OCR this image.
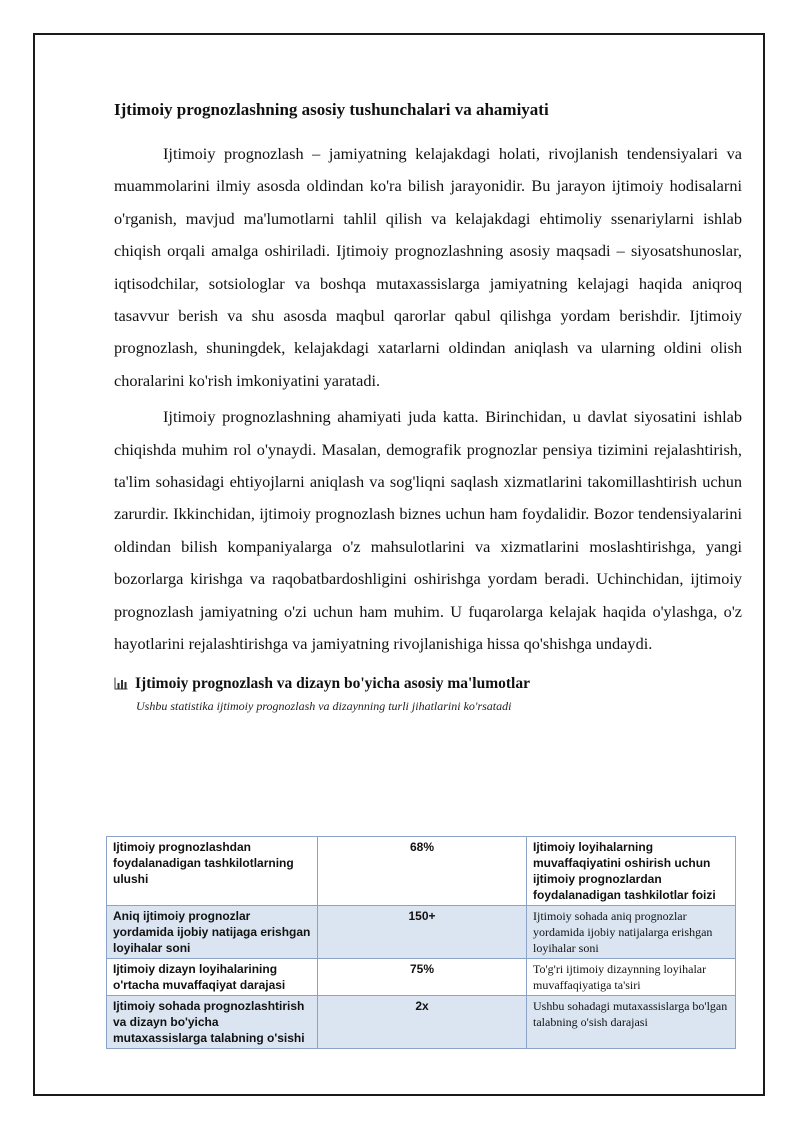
Ijtimoiy prognozlashning asosiy tushunchalari va ahamiyati

Ijtimoiy prognozlash – jamiyatning kelajakdagi holati, rivojlanish tendensiyalari va muammolarini ilmiy asosda oldindan ko'ra bilish jarayonidir. Bu jarayon ijtimoiy hodisalarni o'rganish, mavjud ma'lumotlarni tahlil qilish va kelajakdagi ehtimoliy ssenariylarni ishlab chiqish orqali amalga oshiriladi. Ijtimoiy prognozlashning asosiy maqsadi – siyosatshunoslar, iqtisodchilar, sotsiologlar va boshqa mutaxassislarga jamiyatning kelajagi haqida aniqroq tasavvur berish va shu asosda maqbul qarorlar qabul qilishga yordam berishdir. Ijtimoiy prognozlash, shuningdek, kelajakdagi xatarlarni oldindan aniqlash va ularning oldini olish choralarini ko'rish imkoniyatini yaratadi.

Ijtimoiy prognozlashning ahamiyati juda katta. Birinchidan, u davlat siyosatini ishlab chiqishda muhim rol o'ynaydi. Masalan, demografik prognozlar pensiya tizimini rejalashtirish, ta'lim sohasidagi ehtiyojlarni aniqlash va sog'liqni saqlash xizmatlarini takomillashtirish uchun zarurdir. Ikkinchidan, ijtimoiy prognozlash biznes uchun ham foydalidir. Bozor tendensiyalarini oldindan bilish kompaniyalarga o'z mahsulotlarini va xizmatlarini moslashtirishga, yangi bozorlarga kirishga va raqobatbardoshligini oshirishga yordam beradi. Uchinchidan, ijtimoiy prognozlash jamiyatning o'zi uchun ham muhim. U fuqarolarga kelajak haqida o'ylashga, o'z hayotlarini rejalashtirishga va jamiyatning rivojlanishiga hissa qo'shishga undaydi.

Ijtimoiy prognozlash va dizayn bo'yicha asosiy ma'lumotlar
Ushbu statistika ijtimoiy prognozlash va dizaynning turli jihatlarini ko'rsatadi
Ijtimoiy prognozlashdan foydalanadigan tashkilotlarning ulushi	68%	Ijtimoiy loyihalarning muvaffaqiyatini oshirish uchun ijtimoiy prognozlardan foydalanadigan tashkilotlar foizi
Aniq ijtimoiy prognozlar yordamida ijobiy natijaga erishgan loyihalar soni	150+	Ijtimoiy sohada aniq prognozlar yordamida ijobiy natijalarga erishgan loyihalar soni
Ijtimoiy dizayn loyihalarining o'rtacha muvaffaqiyat darajasi	75%	To'g'ri ijtimoiy dizaynning loyihalar muvaffaqiyatiga ta'siri
Ijtimoiy sohada prognozlashtirish va dizayn bo'yicha mutaxassislarga talabning o'sishi	2x	Ushbu sohadagi mutaxassislarga bo'lgan talabning o'sish darajasi
